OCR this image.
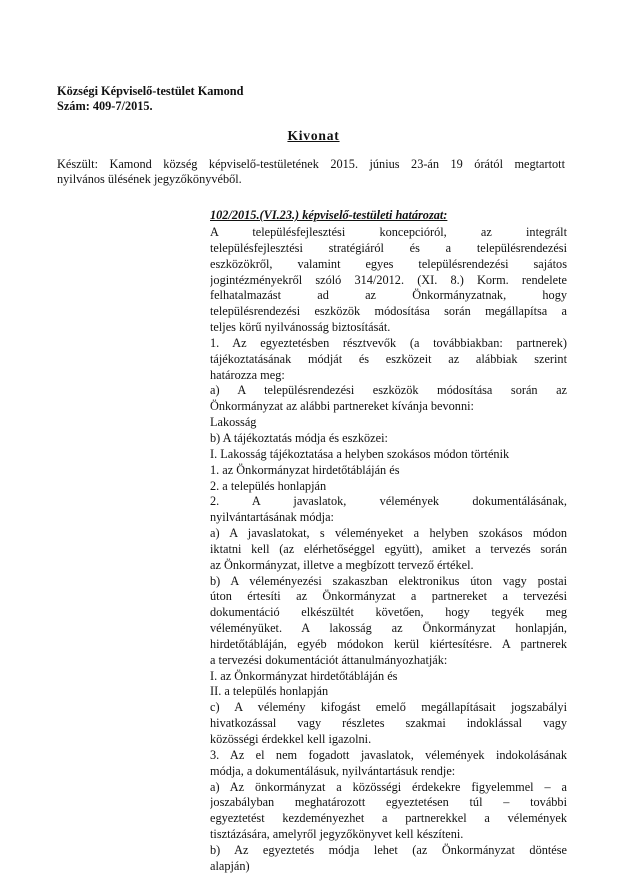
Községi Képviselő-testület Kamond
Szám: 409-7/2015.
Kivonat
Készült: Kamond község képviselő-testületének 2015. június 23-án 19 órától megtartott
nyilvános ülésének jegyzőkönyvéből.
102/2015.(VI.23.) képviselő-testületi határozat:
A településfejlesztési koncepcióról, az integrált
településfejlesztési stratégiáról és a településrendezési
eszközökről, valamint egyes településrendezési sajátos
jogintézményekről szóló 314/2012. (XI. 8.) Korm. rendelete
felhatalmazást ad az Önkormányzatnak, hogy
településrendezési eszközök módosítása során megállapítsa a
teljes körű nyilvánosság biztosítását.
1. Az egyeztetésben résztvevők (a továbbiakban: partnerek)
tájékoztatásának módját és eszközeit az alábbiak szerint
határozza meg:
a) A településrendezési eszközök módosítása során az
Önkormányzat az alábbi partnereket kívánja bevonni:
Lakosság
b) A tájékoztatás módja és eszközei:
I. Lakosság tájékoztatása a helyben szokásos módon történik
1. az Önkormányzat hirdetőtábláján és
2. a település honlapján
2. A javaslatok, vélemények dokumentálásának,
nyilvántartásának módja:
a) A javaslatokat, s véleményeket a helyben szokásos módon
iktatni kell (az elérhetőséggel együtt), amiket a tervezés során
az Önkormányzat, illetve a megbízott tervező értékel.
b) A véleményezési szakaszban elektronikus úton vagy postai
úton értesíti az Önkormányzat a partnereket a tervezési
dokumentáció elkészültét követően, hogy tegyék meg
véleményüket. A lakosság az Önkormányzat honlapján,
hirdetőtábláján, egyéb módokon kerül kiértesítésre. A partnerek
a tervezési dokumentációt áttanulmányozhatják:
I. az Önkormányzat hirdetőtábláján és
II. a település honlapján
c) A vélemény kifogást emelő megállapításait jogszabályi
hivatkozással vagy részletes szakmai indoklással vagy
közösségi érdekkel kell igazolni.
3. Az el nem fogadott javaslatok, vélemények indokolásának
módja, a dokumentálásuk, nyilvántartásuk rendje:
a) Az önkormányzat a közösségi érdekekre figyelemmel – a
joszabályban meghatározott egyeztetésen túl – további
egyeztetést kezdeményezhet a partnerekkel a vélemények
tisztázására, amelyről jegyzőkönyvet kell készíteni.
b) Az egyeztetés módja lehet (az Önkormányzat döntése
alapján)
